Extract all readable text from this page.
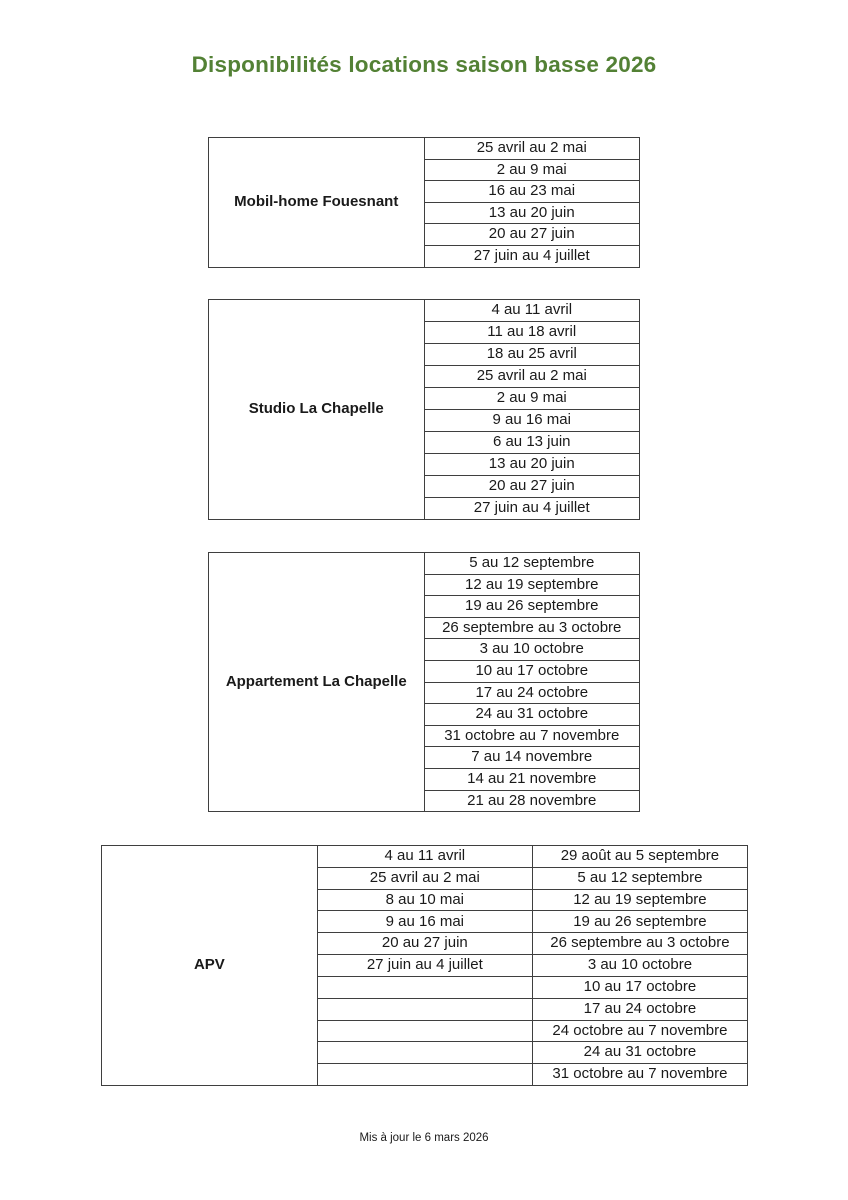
Disponibilités locations saison basse 2026
Mobil-home Fouesnant	25 avril au 2 mai
2 au 9 mai
16 au 23 mai
13 au 20 juin
20 au 27 juin
27 juin au 4 juillet
Studio La Chapelle	4 au 11 avril
11 au 18 avril
18 au 25 avril
25 avril au 2 mai
2 au 9 mai
9 au 16 mai
6 au 13 juin
13 au 20 juin
20 au 27 juin
27 juin au 4 juillet
Appartement La Chapelle	5 au 12 septembre
12 au 19 septembre
19 au 26 septembre
26 septembre au 3 octobre
3 au 10 octobre
10 au 17 octobre
17 au 24 octobre
24 au 31 octobre
31 octobre au 7 novembre
7 au 14 novembre
14 au 21 novembre
21 au 28 novembre
APV	4 au 11 avril	29 août au 5 septembre
	25 avril au 2 mai	5 au 12 septembre
	8 au 10 mai	12 au 19 septembre
	9 au 16 mai	19 au 26 septembre
	20 au 27 juin	26 septembre au 3 octobre
	27 juin au 4 juillet	3 au 10 octobre
		10 au 17 octobre
		17 au 24 octobre
		24 octobre au 7 novembre
		24 au 31 octobre
		31 octobre au 7 novembre
Mis à jour le 6 mars 2026
